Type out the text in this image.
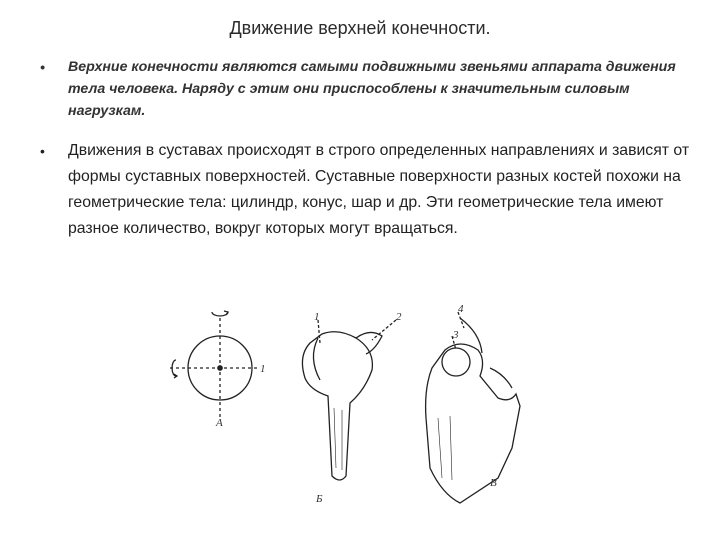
Движение верхней конечности.
• Верхние конечности являются самыми подвижными звеньями аппарата движения тела человека. Наряду с этим они приспособлены к значительным силовым нагрузкам.
• Движения в суставах происходят в строго определенных направлениях и зависят от формы суставных поверхностей. Суставные поверхности разных костей похожи на геометрические тела: цилиндр, конус, шар и др. Эти геометрические тела имеют разное количество, вокруг которых могут вращаться.
1
А
1	2
Б
3
4
В
